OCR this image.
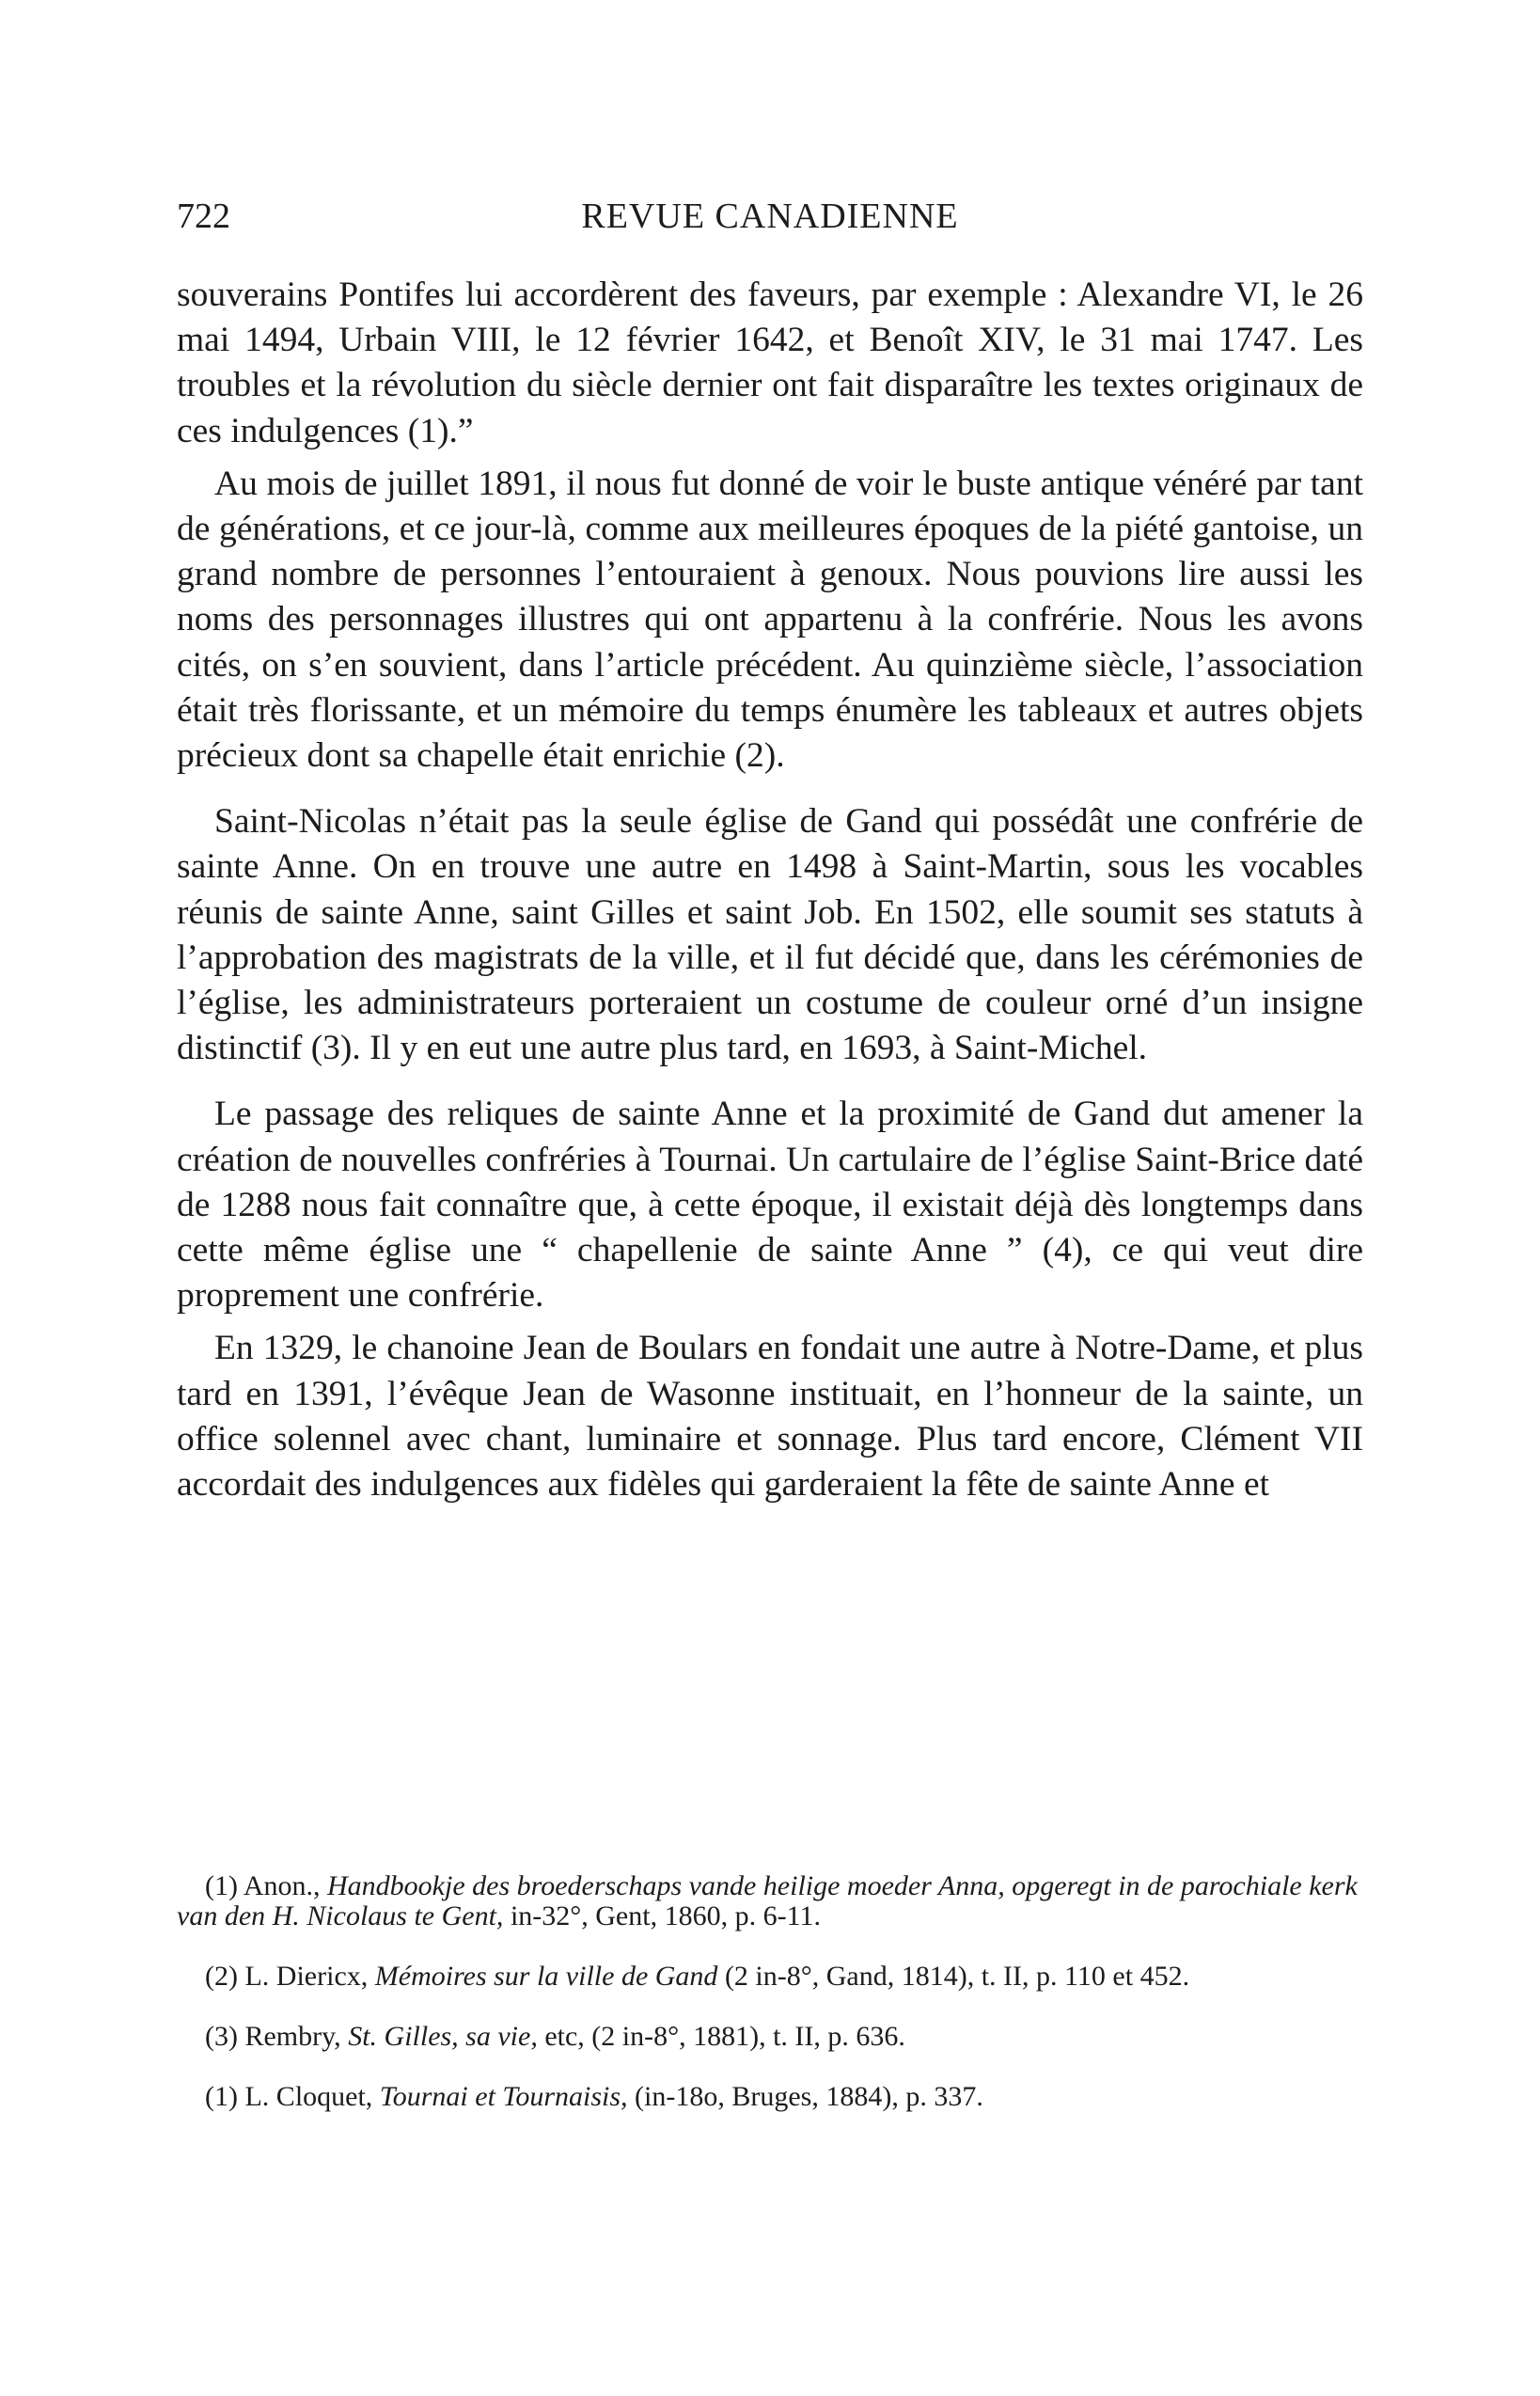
722	REVUE CANADIENNE

souverains Pontifes lui accordèrent des faveurs, par exemple : Alexandre VI, le 26 mai 1494, Urbain VIII, le 12 février 1642, et Benoît XIV, le 31 mai 1747. Les troubles et la révolution du siècle dernier ont fait disparaître les textes originaux de ces indulgences (1).”

Au mois de juillet 1891, il nous fut donné de voir le buste antique vénéré par tant de générations, et ce jour-là, comme aux meilleures époques de la piété gantoise, un grand nombre de personnes l’entouraient à genoux. Nous pouvions lire aussi les noms des personnages illustres qui ont appartenu à la confrérie. Nous les avons cités, on s’en souvient, dans l’article précédent. Au quinzième siècle, l’association était très florissante, et un mémoire du temps énumère les tableaux et autres objets précieux dont sa chapelle était enrichie (2).

Saint-Nicolas n’était pas la seule église de Gand qui possédât une confrérie de sainte Anne. On en trouve une autre en 1498 à Saint-Martin, sous les vocables réunis de sainte Anne, saint Gilles et saint Job. En 1502, elle soumit ses statuts à l’approbation des magistrats de la ville, et il fut décidé que, dans les cérémonies de l’église, les administrateurs porteraient un costume de couleur orné d’un insigne distinctif (3). Il y en eut une autre plus tard, en 1693, à Saint-Michel.

Le passage des reliques de sainte Anne et la proximité de Gand dut amener la création de nouvelles confréries à Tournai. Un cartulaire de l’église Saint-Brice daté de 1288 nous fait connaître que, à cette époque, il existait déjà dès longtemps dans cette même église une “ chapellenie de sainte Anne ” (4), ce qui veut dire proprement une confrérie.

En 1329, le chanoine Jean de Boulars en fondait une autre à Notre-Dame, et plus tard en 1391, l’évêque Jean de Wasonne instituait, en l’honneur de la sainte, un office solennel avec chant, luminaire et sonnage. Plus tard encore, Clément VII accordait des indulgences aux fidèles qui garderaient la fête de sainte Anne et

(1) Anon., Handbookje des broederschaps vande heilige moeder Anna, opgeregt in de parochiale kerk van den H. Nicolaus te Gent, in-32°, Gent, 1860, p. 6-11.

(2) L. Diericx, Mémoires sur la ville de Gand (2 in-8°, Gand, 1814), t. II, p. 110 et 452.

(3) Rembry, St. Gilles, sa vie, etc, (2 in-8°, 1881), t. II, p. 636.

(1) L. Cloquet, Tournai et Tournaisis, (in-18o, Bruges, 1884), p. 337.
